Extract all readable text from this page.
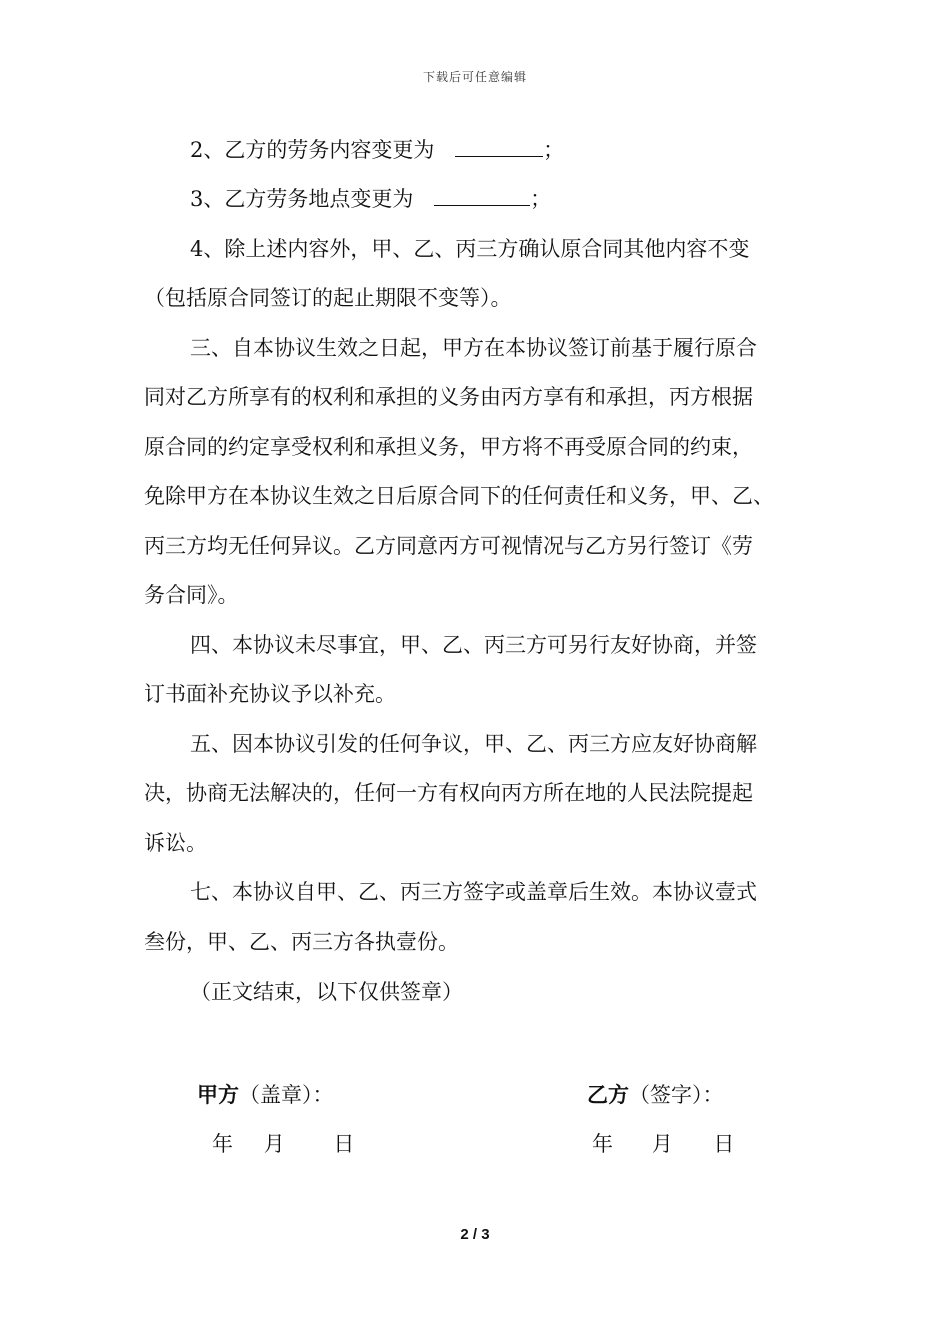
下载后可任意编辑
2、乙方的劳务内容变更为	；
3、乙方劳务地点变更为	；
4、除上述内容外，甲、乙、丙三方确认原合同其他内容不变
（包括原合同签订的起止期限不变等）。
三、自本协议生效之日起，甲方在本协议签订前基于履行原合
同对乙方所享有的权利和承担的义务由丙方享有和承担，丙方根据
原合同的约定享受权利和承担义务，甲方将不再受原合同的约束，
免除甲方在本协议生效之日后原合同下的任何责任和义务，甲、乙、
丙三方均无任何异议。乙方同意丙方可视情况与乙方另行签订《劳
务合同》。
四、本协议未尽事宜，甲、乙、丙三方可另行友好协商，并签
订书面补充协议予以补充。
五、因本协议引发的任何争议，甲、乙、丙三方应友好协商解
决，协商无法解决的，任何一方有权向丙方所在地的人民法院提起
诉讼。
七、本协议自甲、乙、丙三方签字或盖章后生效。本协议壹式
叁份，甲、乙、丙三方各执壹份。
（正文结束，以下仅供签章）
甲方（盖章）：
年 月 日
乙方（签字）：
年 月 日
2 / 3
